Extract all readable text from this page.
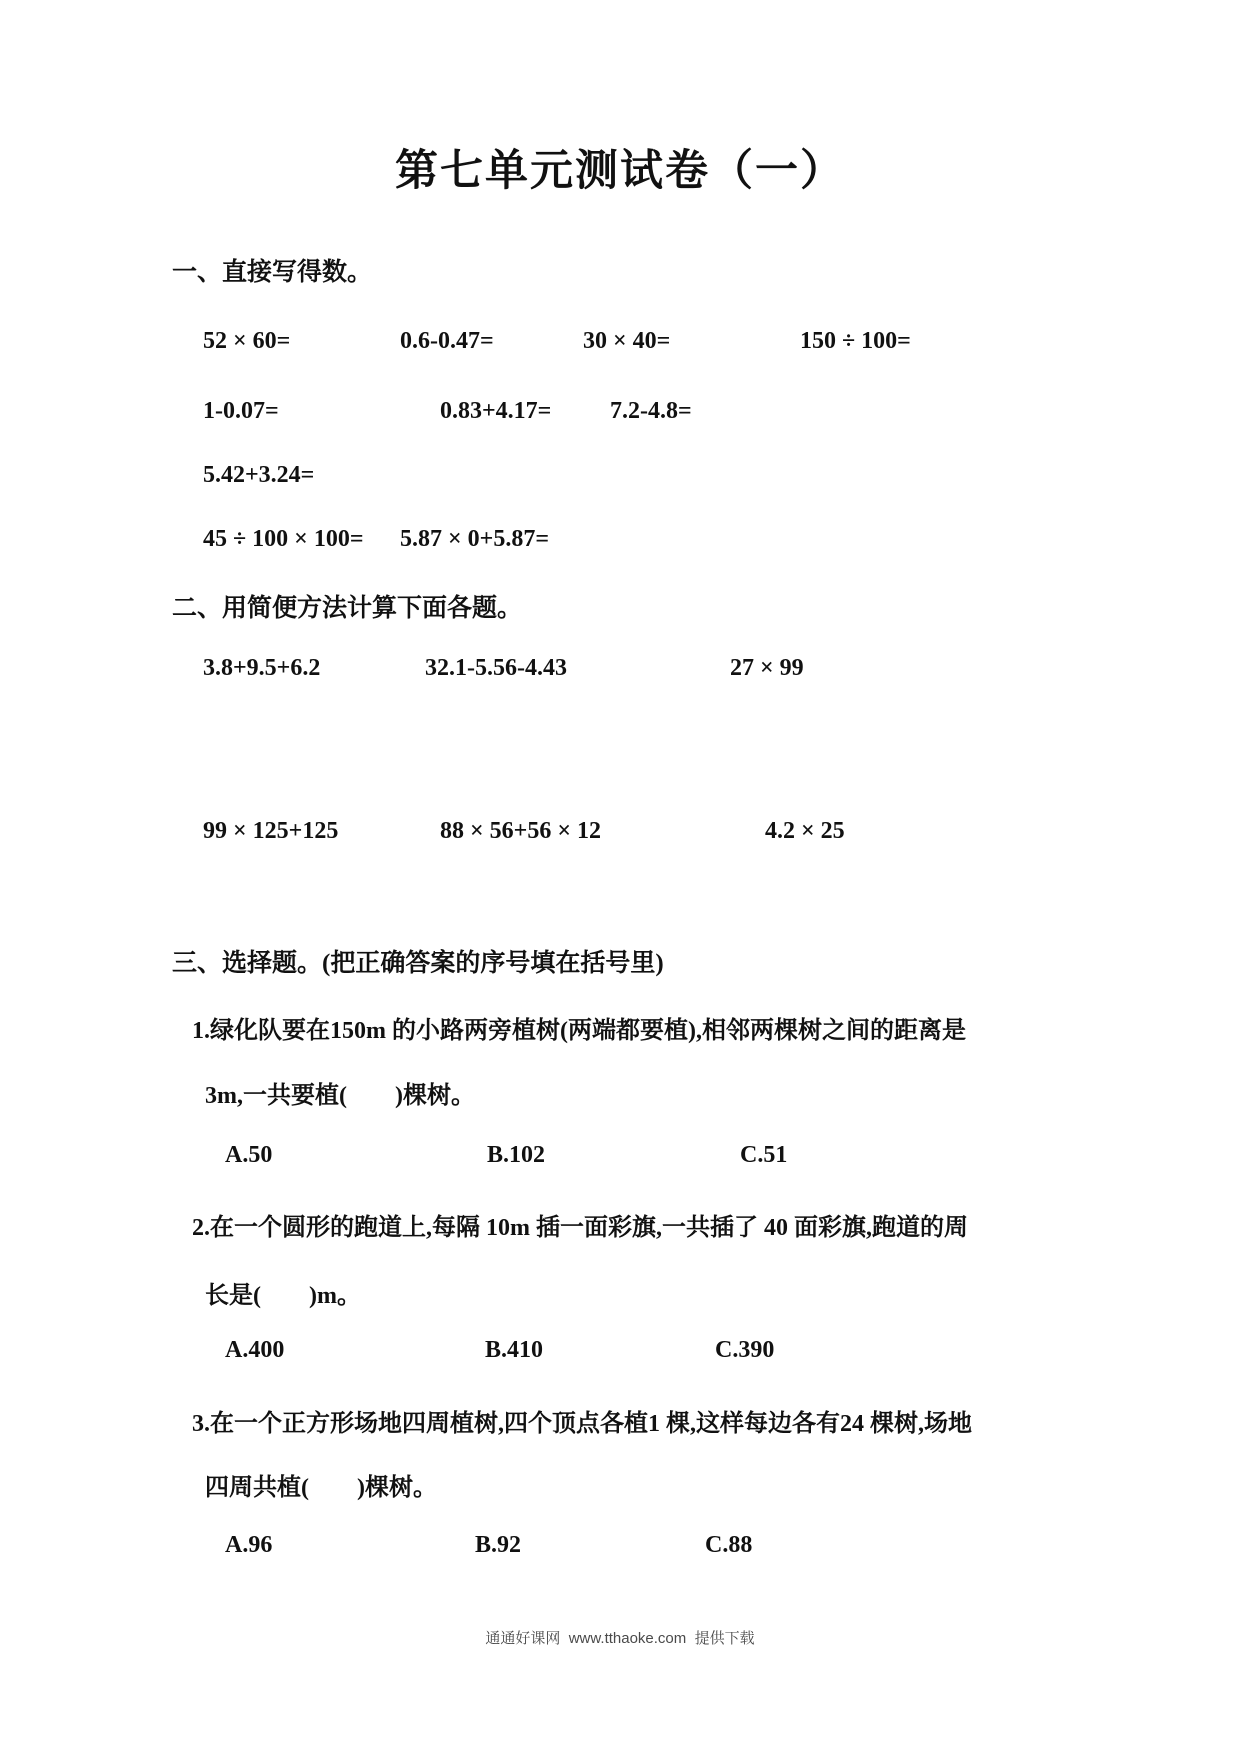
第七单元测试卷（一）
一、直接写得数。
52 × 60=	0.6-0.47=	30 × 40=	150 ÷ 100=
1-0.07=	0.83+4.17= 7.2-4.8=
5.42+3.24=
45 ÷ 100 × 100= 5.87 × 0+5.87=
二、用简便方法计算下面各题。
3.8+9.5+6.2	32.1-5.56-4.43	27 × 99
99 × 125+125	88 × 56+56 × 12	4.2 × 25
三、选择题。(把正确答案的序号填在括号里)
1.绿化队要在150m 的小路两旁植树(两端都要植),相邻两棵树之间的距离是
3m,一共要植(        )棵树。
A.50	B.102	C.51
2.在一个圆形的跑道上,每隔 10m 插一面彩旗,一共插了 40 面彩旗,跑道的周
长是(        )m。
A.400	B.410	C.390
3.在一个正方形场地四周植树,四个顶点各植1 棵,这样每边各有24 棵树,场地
四周共植(        )棵树。
A.96	B.92	C.88
通通好课网  www.tthaoke.com  提供下载
